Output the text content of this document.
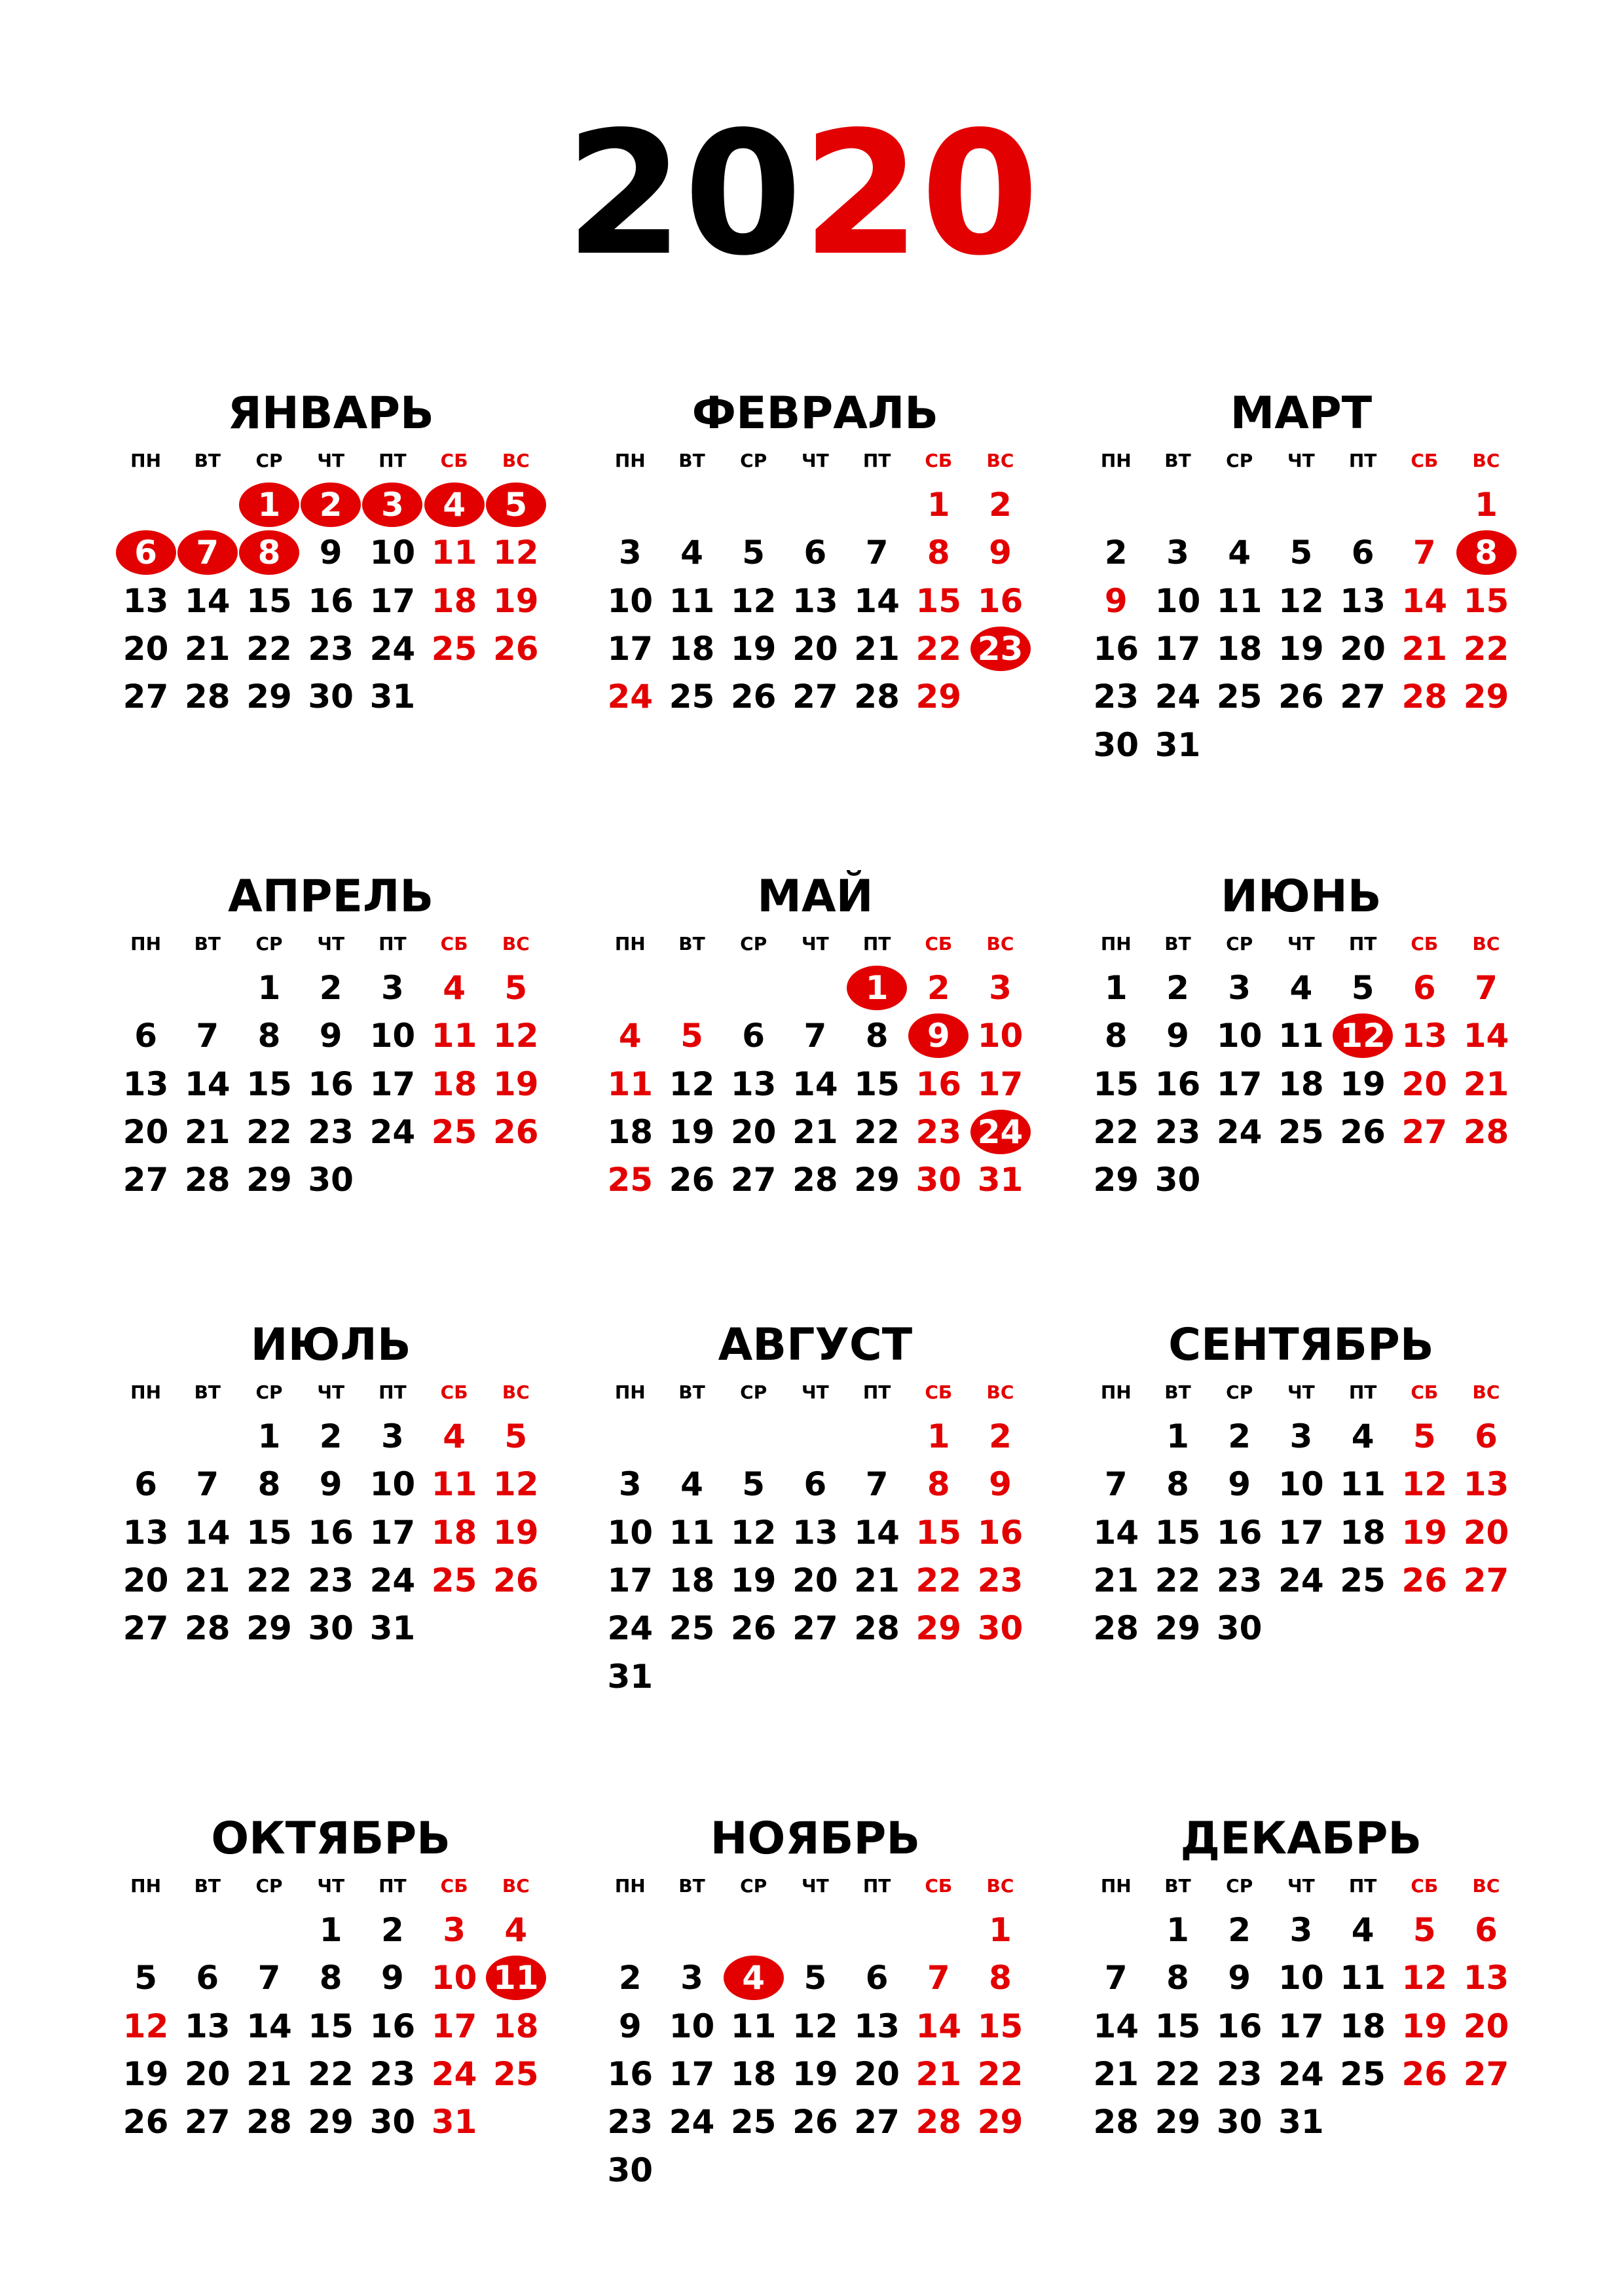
2020
ЯНВАРЬ
ПН ВТ СР ЧТ ПТ СБ ВС
1 2 3 4 5
6 7 8 9 10 11 12
13 14 15 16 17 18 19
20 21 22 23 24 25 26
27 28 29 30 31
ФЕВРАЛЬ
ПН ВТ СР ЧТ ПТ СБ ВС
1 2
3 4 5 6 7 8 9
10 11 12 13 14 15 16
17 18 19 20 21 22 23
24 25 26 27 28 29
МАРТ
ПН ВТ СР ЧТ ПТ СБ ВС
1
2 3 4 5 6 7 8
9 10 11 12 13 14 15
16 17 18 19 20 21 22
23 24 25 26 27 28 29
30 31
АПРЕЛЬ
ПН ВТ СР ЧТ ПТ СБ ВС
1 2 3 4 5
6 7 8 9 10 11 12
13 14 15 16 17 18 19
20 21 22 23 24 25 26
27 28 29 30
МАЙ
ПН ВТ СР ЧТ ПТ СБ ВС
1 2 3
4 5 6 7 8 9 10
11 12 13 14 15 16 17
18 19 20 21 22 23 24
25 26 27 28 29 30 31
ИЮНЬ
ПН ВТ СР ЧТ ПТ СБ ВС
1 2 3 4 5 6 7
8 9 10 11 12 13 14
15 16 17 18 19 20 21
22 23 24 25 26 27 28
29 30
ИЮЛЬ
ПН ВТ СР ЧТ ПТ СБ ВС
1 2 3 4 5
6 7 8 9 10 11 12
13 14 15 16 17 18 19
20 21 22 23 24 25 26
27 28 29 30 31
АВГУСТ
ПН ВТ СР ЧТ ПТ СБ ВС
1 2
3 4 5 6 7 8 9
10 11 12 13 14 15 16
17 18 19 20 21 22 23
24 25 26 27 28 29 30
31
СЕНТЯБРЬ
ПН ВТ СР ЧТ ПТ СБ ВС
1 2 3 4 5 6
7 8 9 10 11 12 13
14 15 16 17 18 19 20
21 22 23 24 25 26 27
28 29 30
ОКТЯБРЬ
ПН ВТ СР ЧТ ПТ СБ ВС
1 2 3 4
5 6 7 8 9 10 11
12 13 14 15 16 17 18
19 20 21 22 23 24 25
26 27 28 29 30 31
НОЯБРЬ
ПН ВТ СР ЧТ ПТ СБ ВС
1
2 3 4 5 6 7 8
9 10 11 12 13 14 15
16 17 18 19 20 21 22
23 24 25 26 27 28 29
30
ДЕКАБРЬ
ПН ВТ СР ЧТ ПТ СБ ВС
1 2 3 4 5 6
7 8 9 10 11 12 13
14 15 16 17 18 19 20
21 22 23 24 25 26 27
28 29 30 31
